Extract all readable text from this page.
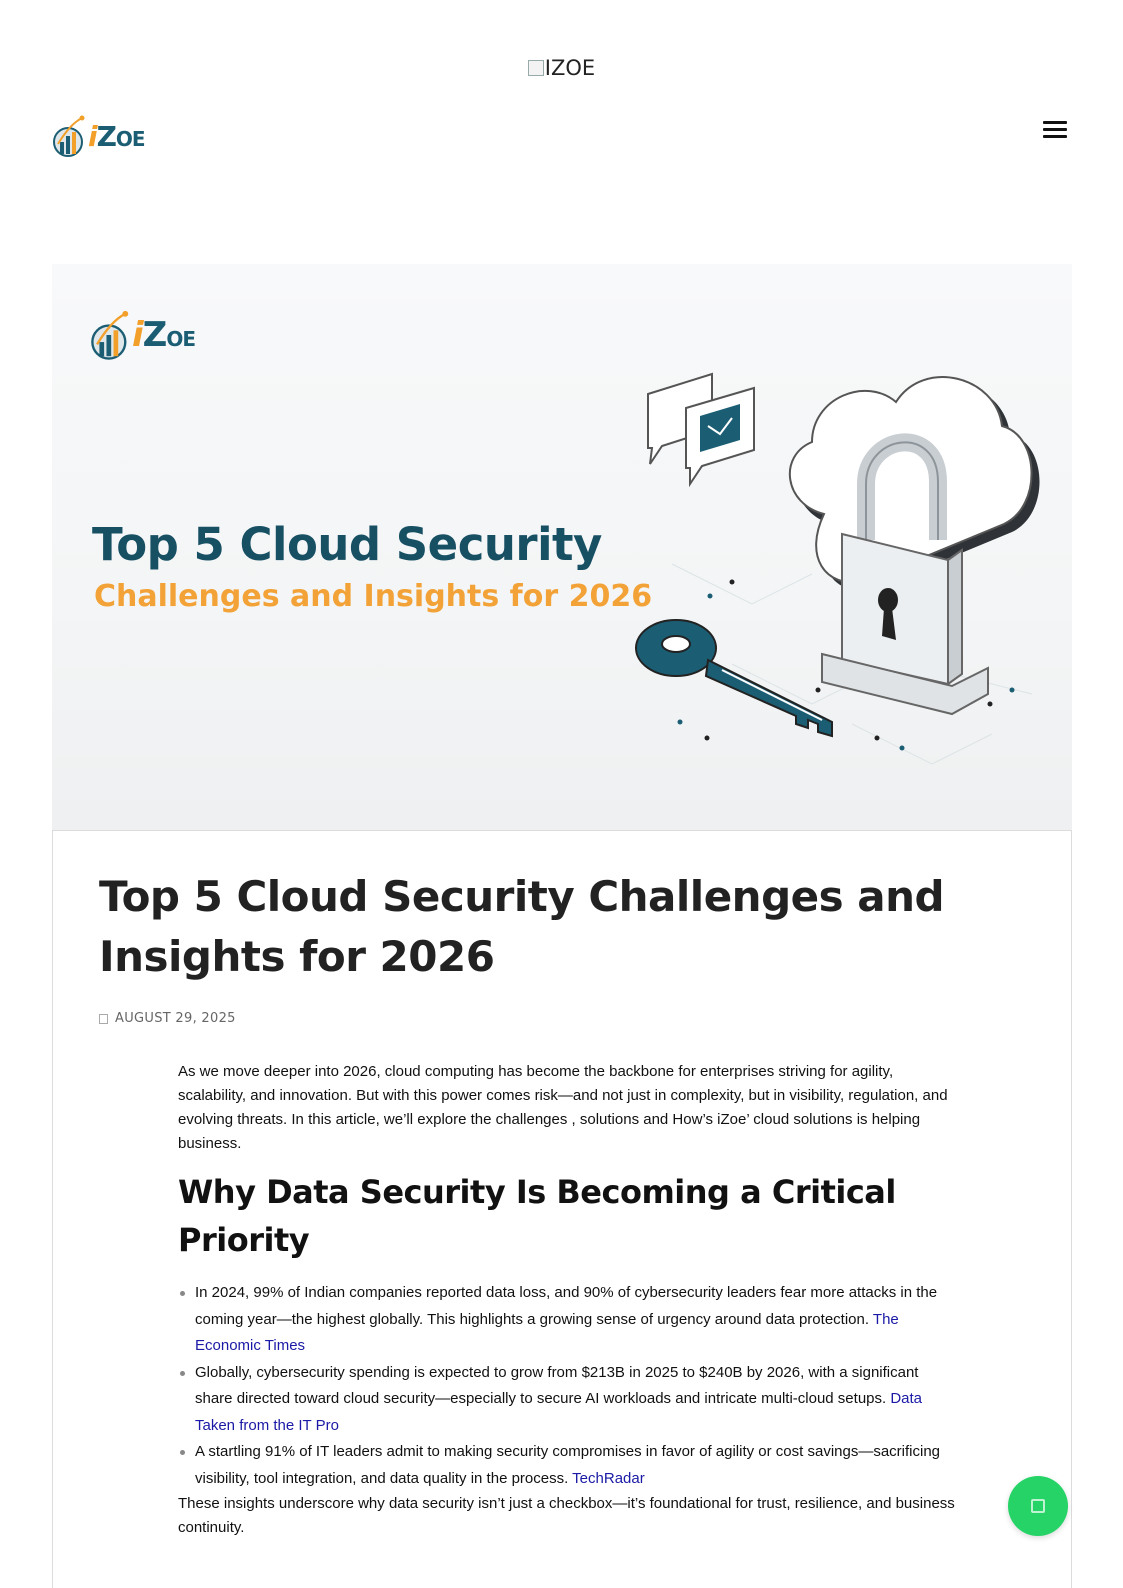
IZOE
iZOE
iZOE
Top 5 Cloud Security
Challenges and Insights for 2026
Top 5 Cloud Security Challenges and Insights for 2026
AUGUST 29, 2025

As we move deeper into 2026, cloud computing has become the backbone for enterprises striving for agility, scalability, and innovation. But with this power comes risk—and not just in complexity, but in visibility, regulation, and evolving threats. In this article, we’ll explore the challenges , solutions and How’s iZoe’ cloud solutions is helping business.

Why Data Security Is Becoming a Critical Priority
In 2024, 99% of Indian companies reported data loss, and 90% of cybersecurity leaders fear more attacks in the coming year—the highest globally. This highlights a growing sense of urgency around data protection. The Economic Times
Globally, cybersecurity spending is expected to grow from $213B in 2025 to $240B by 2026, with a significant share directed toward cloud security—especially to secure AI workloads and intricate multi-cloud setups. Data Taken from the IT Pro
A startling 91% of IT leaders admit to making security compromises in favor of agility or cost savings—sacrificing visibility, tool integration, and data quality in the process. TechRadar

These insights underscore why data security isn’t just a checkbox—it’s foundational for trust, resilience, and business continuity.
